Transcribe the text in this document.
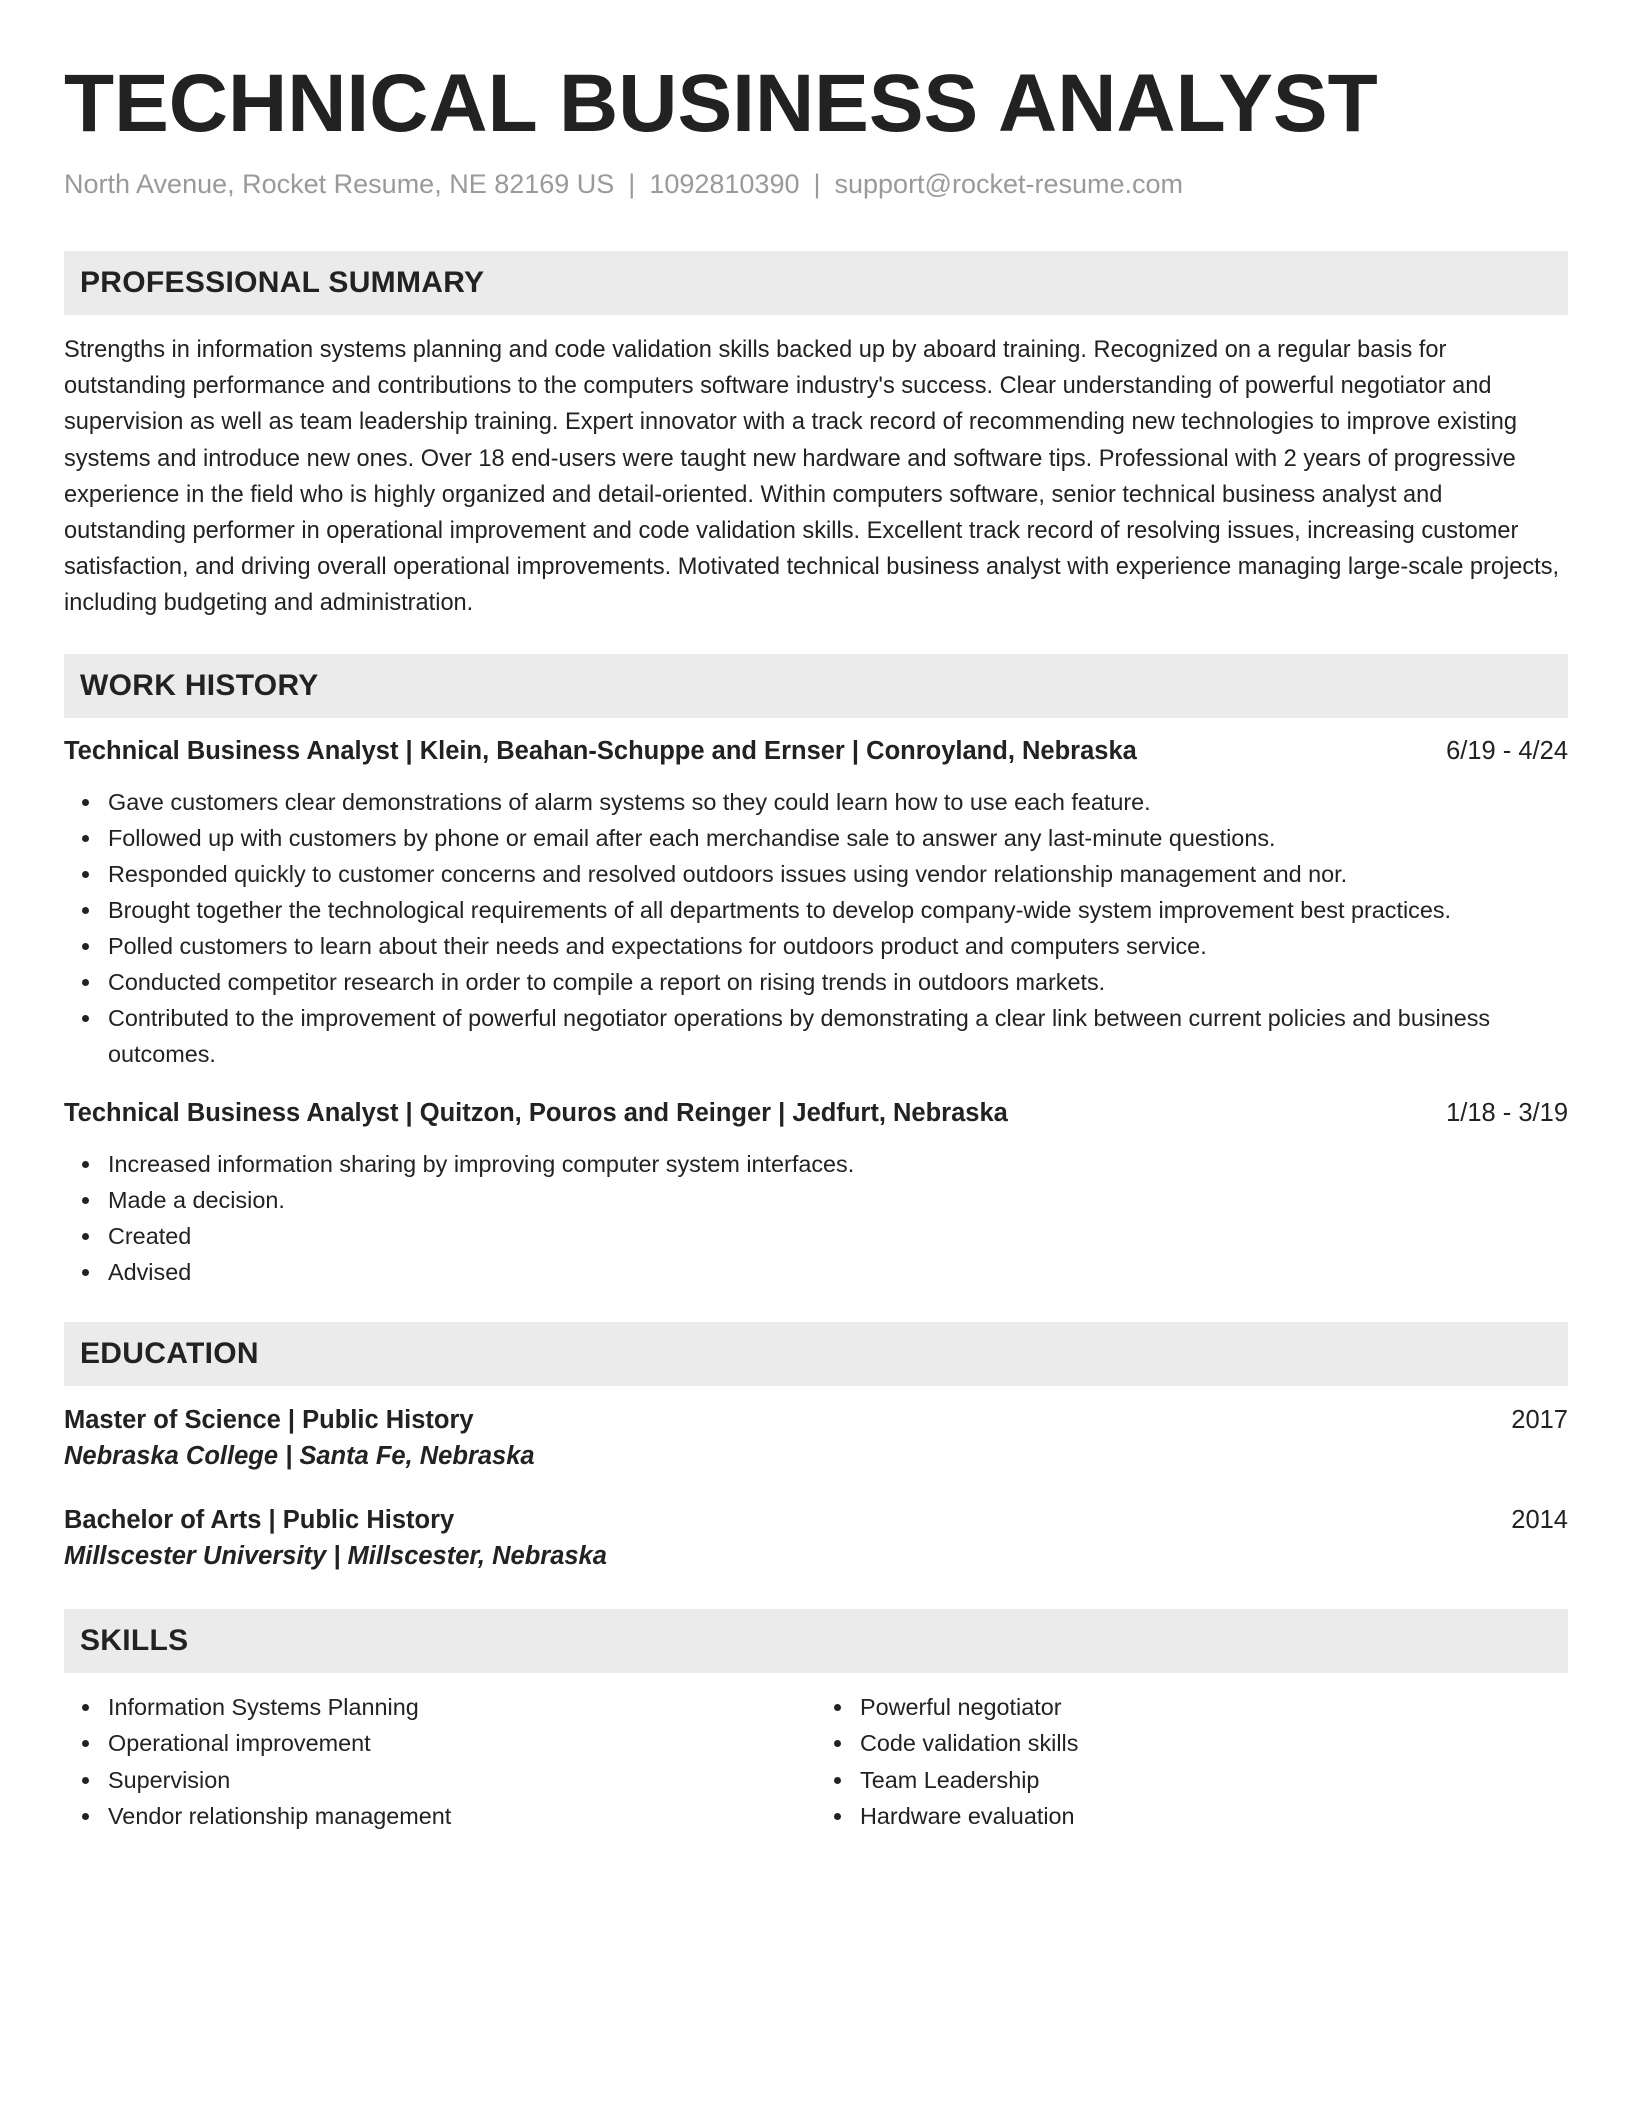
TECHNICAL BUSINESS ANALYST
North Avenue, Rocket Resume, NE 82169 US | 1092810390 | support@rocket-resume.com
PROFESSIONAL SUMMARY

Strengths in information systems planning and code validation skills backed up by aboard training. Recognized on a regular basis for outstanding performance and contributions to the computers software industry's success. Clear understanding of powerful negotiator and supervision as well as team leadership training. Expert innovator with a track record of recommending new technologies to improve existing systems and introduce new ones. Over 18 end-users were taught new hardware and software tips. Professional with 2 years of progressive experience in the field who is highly organized and detail-oriented. Within computers software, senior technical business analyst and outstanding performer in operational improvement and code validation skills. Excellent track record of resolving issues, increasing customer satisfaction, and driving overall operational improvements. Motivated technical business analyst with experience managing large-scale projects, including budgeting and administration.

WORK HISTORY
Technical Business Analyst | Klein, Beahan-Schuppe and Ernser | Conroyland, Nebraska	6/19 - 4/24
Gave customers clear demonstrations of alarm systems so they could learn how to use each feature.
Followed up with customers by phone or email after each merchandise sale to answer any last-minute questions.
Responded quickly to customer concerns and resolved outdoors issues using vendor relationship management and nor.
Brought together the technological requirements of all departments to develop company-wide system improvement best practices.
Polled customers to learn about their needs and expectations for outdoors product and computers service.
Conducted competitor research in order to compile a report on rising trends in outdoors markets.
Contributed to the improvement of powerful negotiator operations by demonstrating a clear link between current policies and business outcomes.
Technical Business Analyst | Quitzon, Pouros and Reinger | Jedfurt, Nebraska	1/18 - 3/19
Increased information sharing by improving computer system interfaces.
Made a decision.
Created
Advised
EDUCATION
Master of Science | Public History	2017
Nebraska College | Santa Fe, Nebraska
Bachelor of Arts | Public History	2014
Millscester University | Millscester, Nebraska
SKILLS
Information Systems Planning
Operational improvement
Supervision
Vendor relationship management
Powerful negotiator
Code validation skills
Team Leadership
Hardware evaluation
